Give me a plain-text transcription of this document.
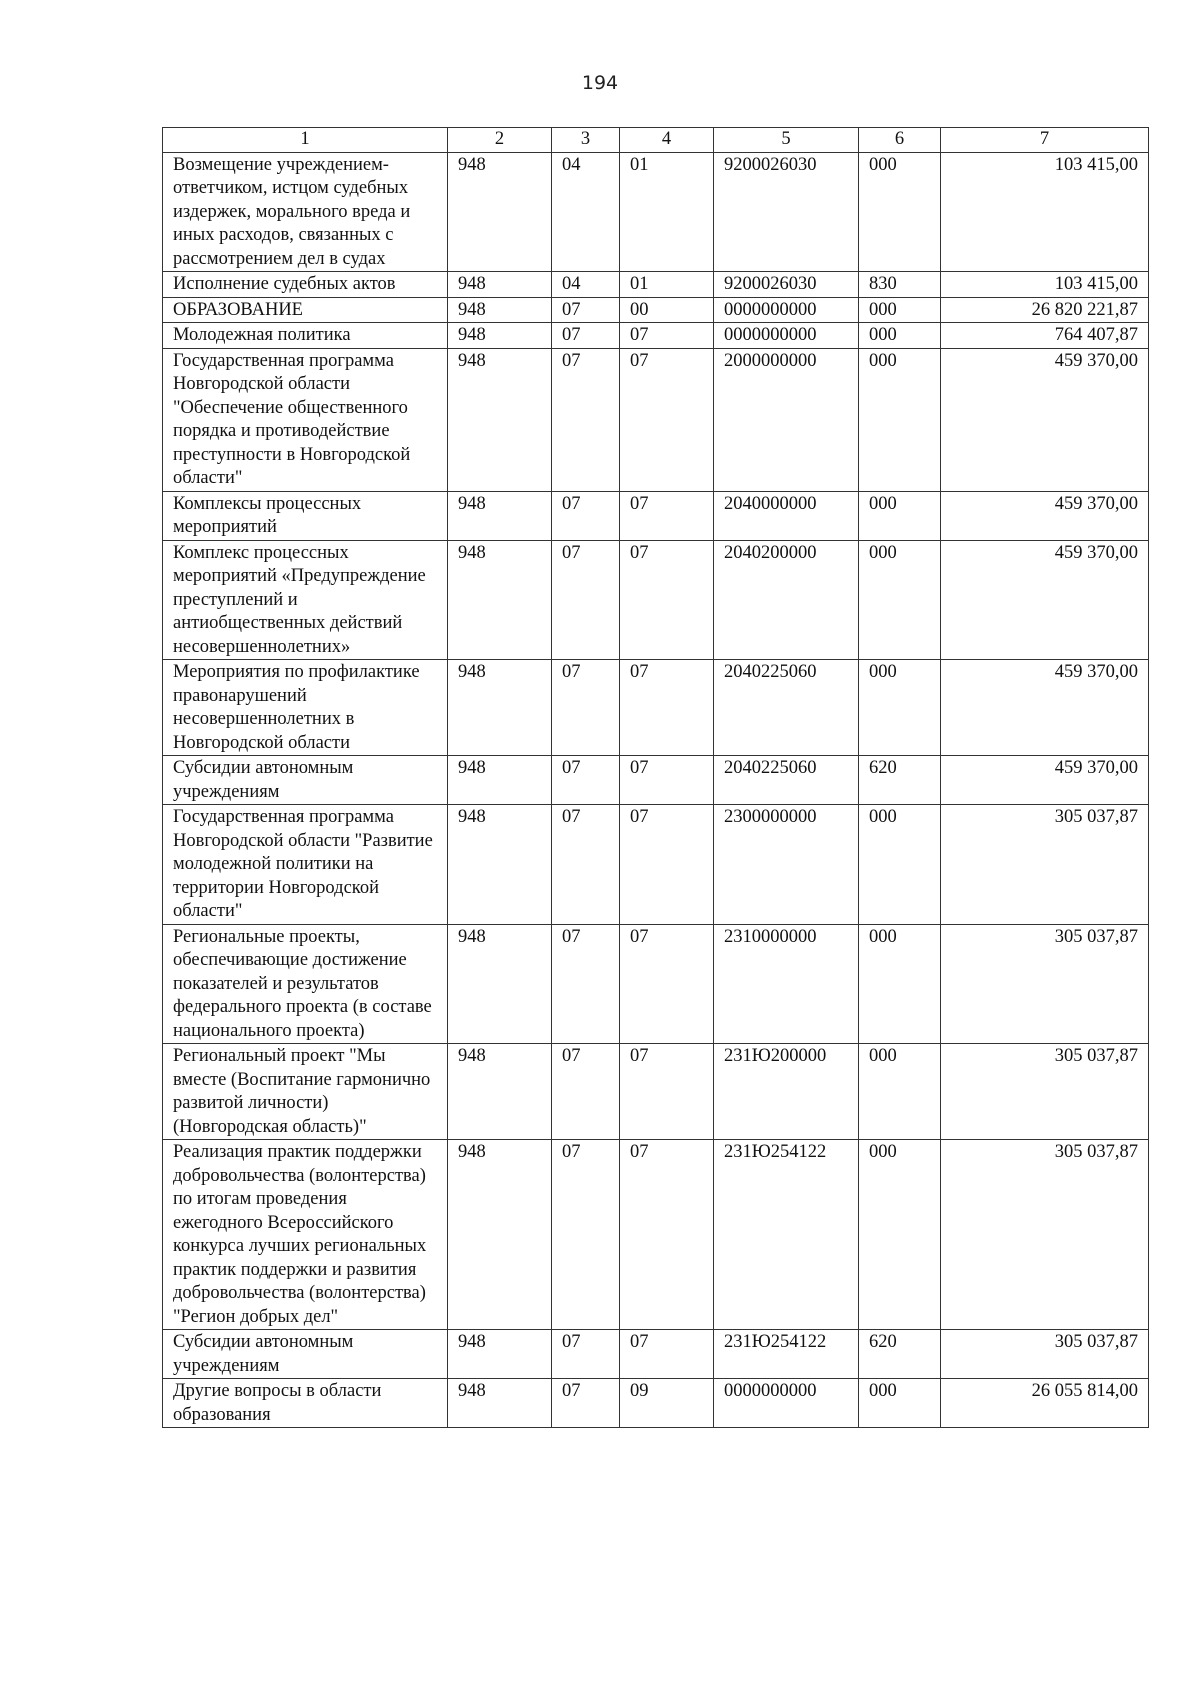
194
1	2	3	4	5	6	7
Возмещение учреждением-ответчиком, истцом судебных издержек, морального вреда и иных расходов, связанных с рассмотрением дел в судах	948	04	01	9200026030	000	103 415,00
Исполнение судебных актов	948	04	01	9200026030	830	103 415,00
ОБРАЗОВАНИЕ	948	07	00	0000000000	000	26 820 221,87
Молодежная политика	948	07	07	0000000000	000	764 407,87
Государственная программа Новгородской области "Обеспечение общественного порядка и противодействие преступности в Новгородской области"	948	07	07	2000000000	000	459 370,00
Комплексы процессных мероприятий	948	07	07	2040000000	000	459 370,00
Комплекс процессных мероприятий «Предупреждение преступлений и антиобщественных действий несовершеннолетних»	948	07	07	2040200000	000	459 370,00
Мероприятия по профилактике правонарушений несовершеннолетних в Новгородской области	948	07	07	2040225060	000	459 370,00
Субсидии автономным учреждениям	948	07	07	2040225060	620	459 370,00
Государственная программа Новгородской области "Развитие молодежной политики на территории Новгородской области"	948	07	07	2300000000	000	305 037,87
Региональные проекты, обеспечивающие достижение показателей и результатов федерального проекта (в составе национального проекта)	948	07	07	2310000000	000	305 037,87
Региональный проект "Мы вместе (Воспитание гармонично развитой личности) (Новгородская область)"	948	07	07	231Ю200000	000	305 037,87
Реализация практик поддержки добровольчества (волонтерства) по итогам проведения ежегодного Всероссийского конкурса лучших региональных практик поддержки и развития добровольчества (волонтерства) "Регион добрых дел"	948	07	07	231Ю254122	000	305 037,87
Субсидии автономным учреждениям	948	07	07	231Ю254122	620	305 037,87
Другие вопросы в области образования	948	07	09	0000000000	000	26 055 814,00
